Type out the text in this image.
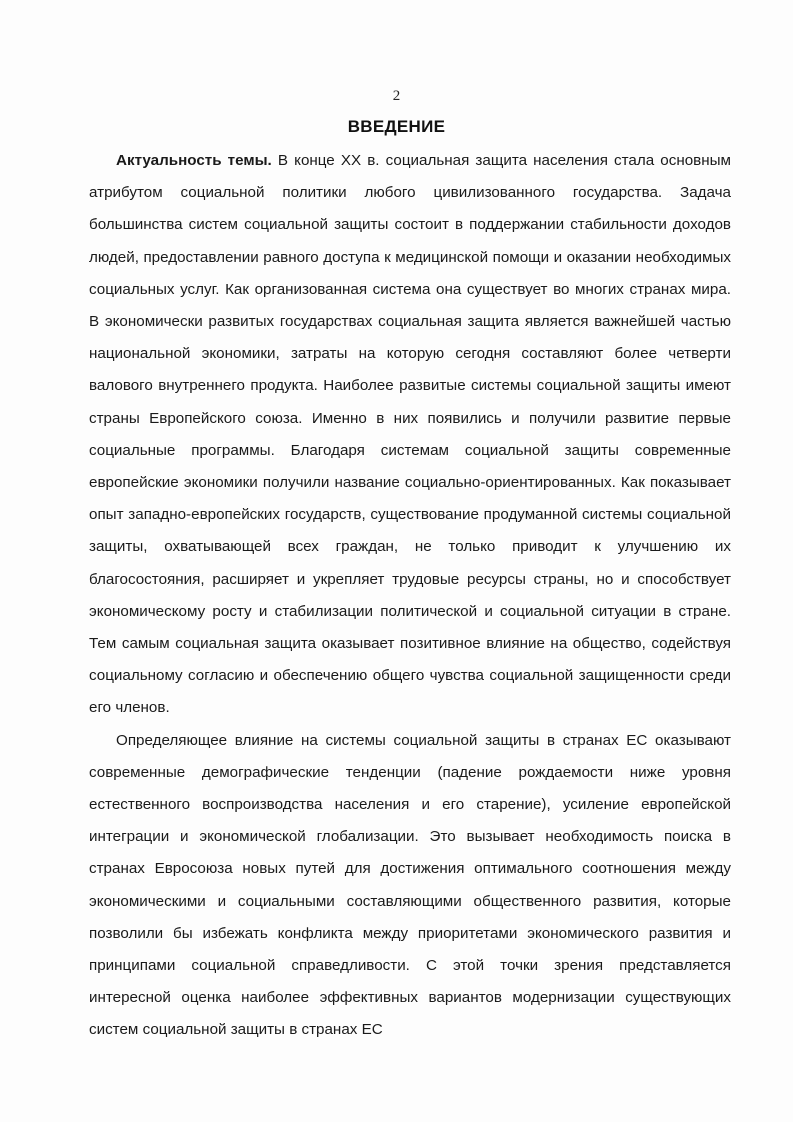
2
ВВЕДЕНИЕ

Актуальность темы. В конце XX в. социальная защита населения стала основным атрибутом социальной политики любого цивилизованного государства. Задача большинства систем социальной защиты состоит в поддержании стабильности доходов людей, предоставлении равного доступа к медицинской помощи и оказании необходимых социальных услуг. Как организованная система она существует во многих странах мира. В экономически развитых государствах социальная защита является важнейшей частью национальной экономики, затраты на которую сегодня составляют более четверти валового внутреннего продукта. Наиболее развитые системы социальной защиты имеют страны Европейского союза. Именно в них появились и получили развитие первые социальные программы. Благодаря системам социальной защиты современные европейские экономики получили название социально-ориентированных. Как показывает опыт западно-европейских государств, существование продуманной системы социальной защиты, охватывающей всех граждан, не только приводит к улучшению их благосостояния, расширяет и укрепляет трудовые ресурсы страны, но и способствует экономическому росту и стабилизации политической и социальной ситуации в стране. Тем самым социальная защита оказывает позитивное влияние на общество, содействуя социальному согласию и обеспечению общего чувства социальной защищенности среди его членов.

Определяющее влияние на системы социальной защиты в странах ЕС оказывают современные демографические тенденции (падение рождаемости ниже уровня естественного воспроизводства населения и его старение), усиление европейской интеграции и экономической глобализации. Это вызывает необходимость поиска в странах Евросоюза новых путей для достижения оптимального соотношения между экономическими и социальными составляющими общественного развития, которые позволили бы избежать конфликта между приоритетами экономического развития и принципами социальной справедливости. С этой точки зрения представляется интересной оценка наиболее эффективных вариантов модернизации существующих систем социальной защиты в странах ЕС
